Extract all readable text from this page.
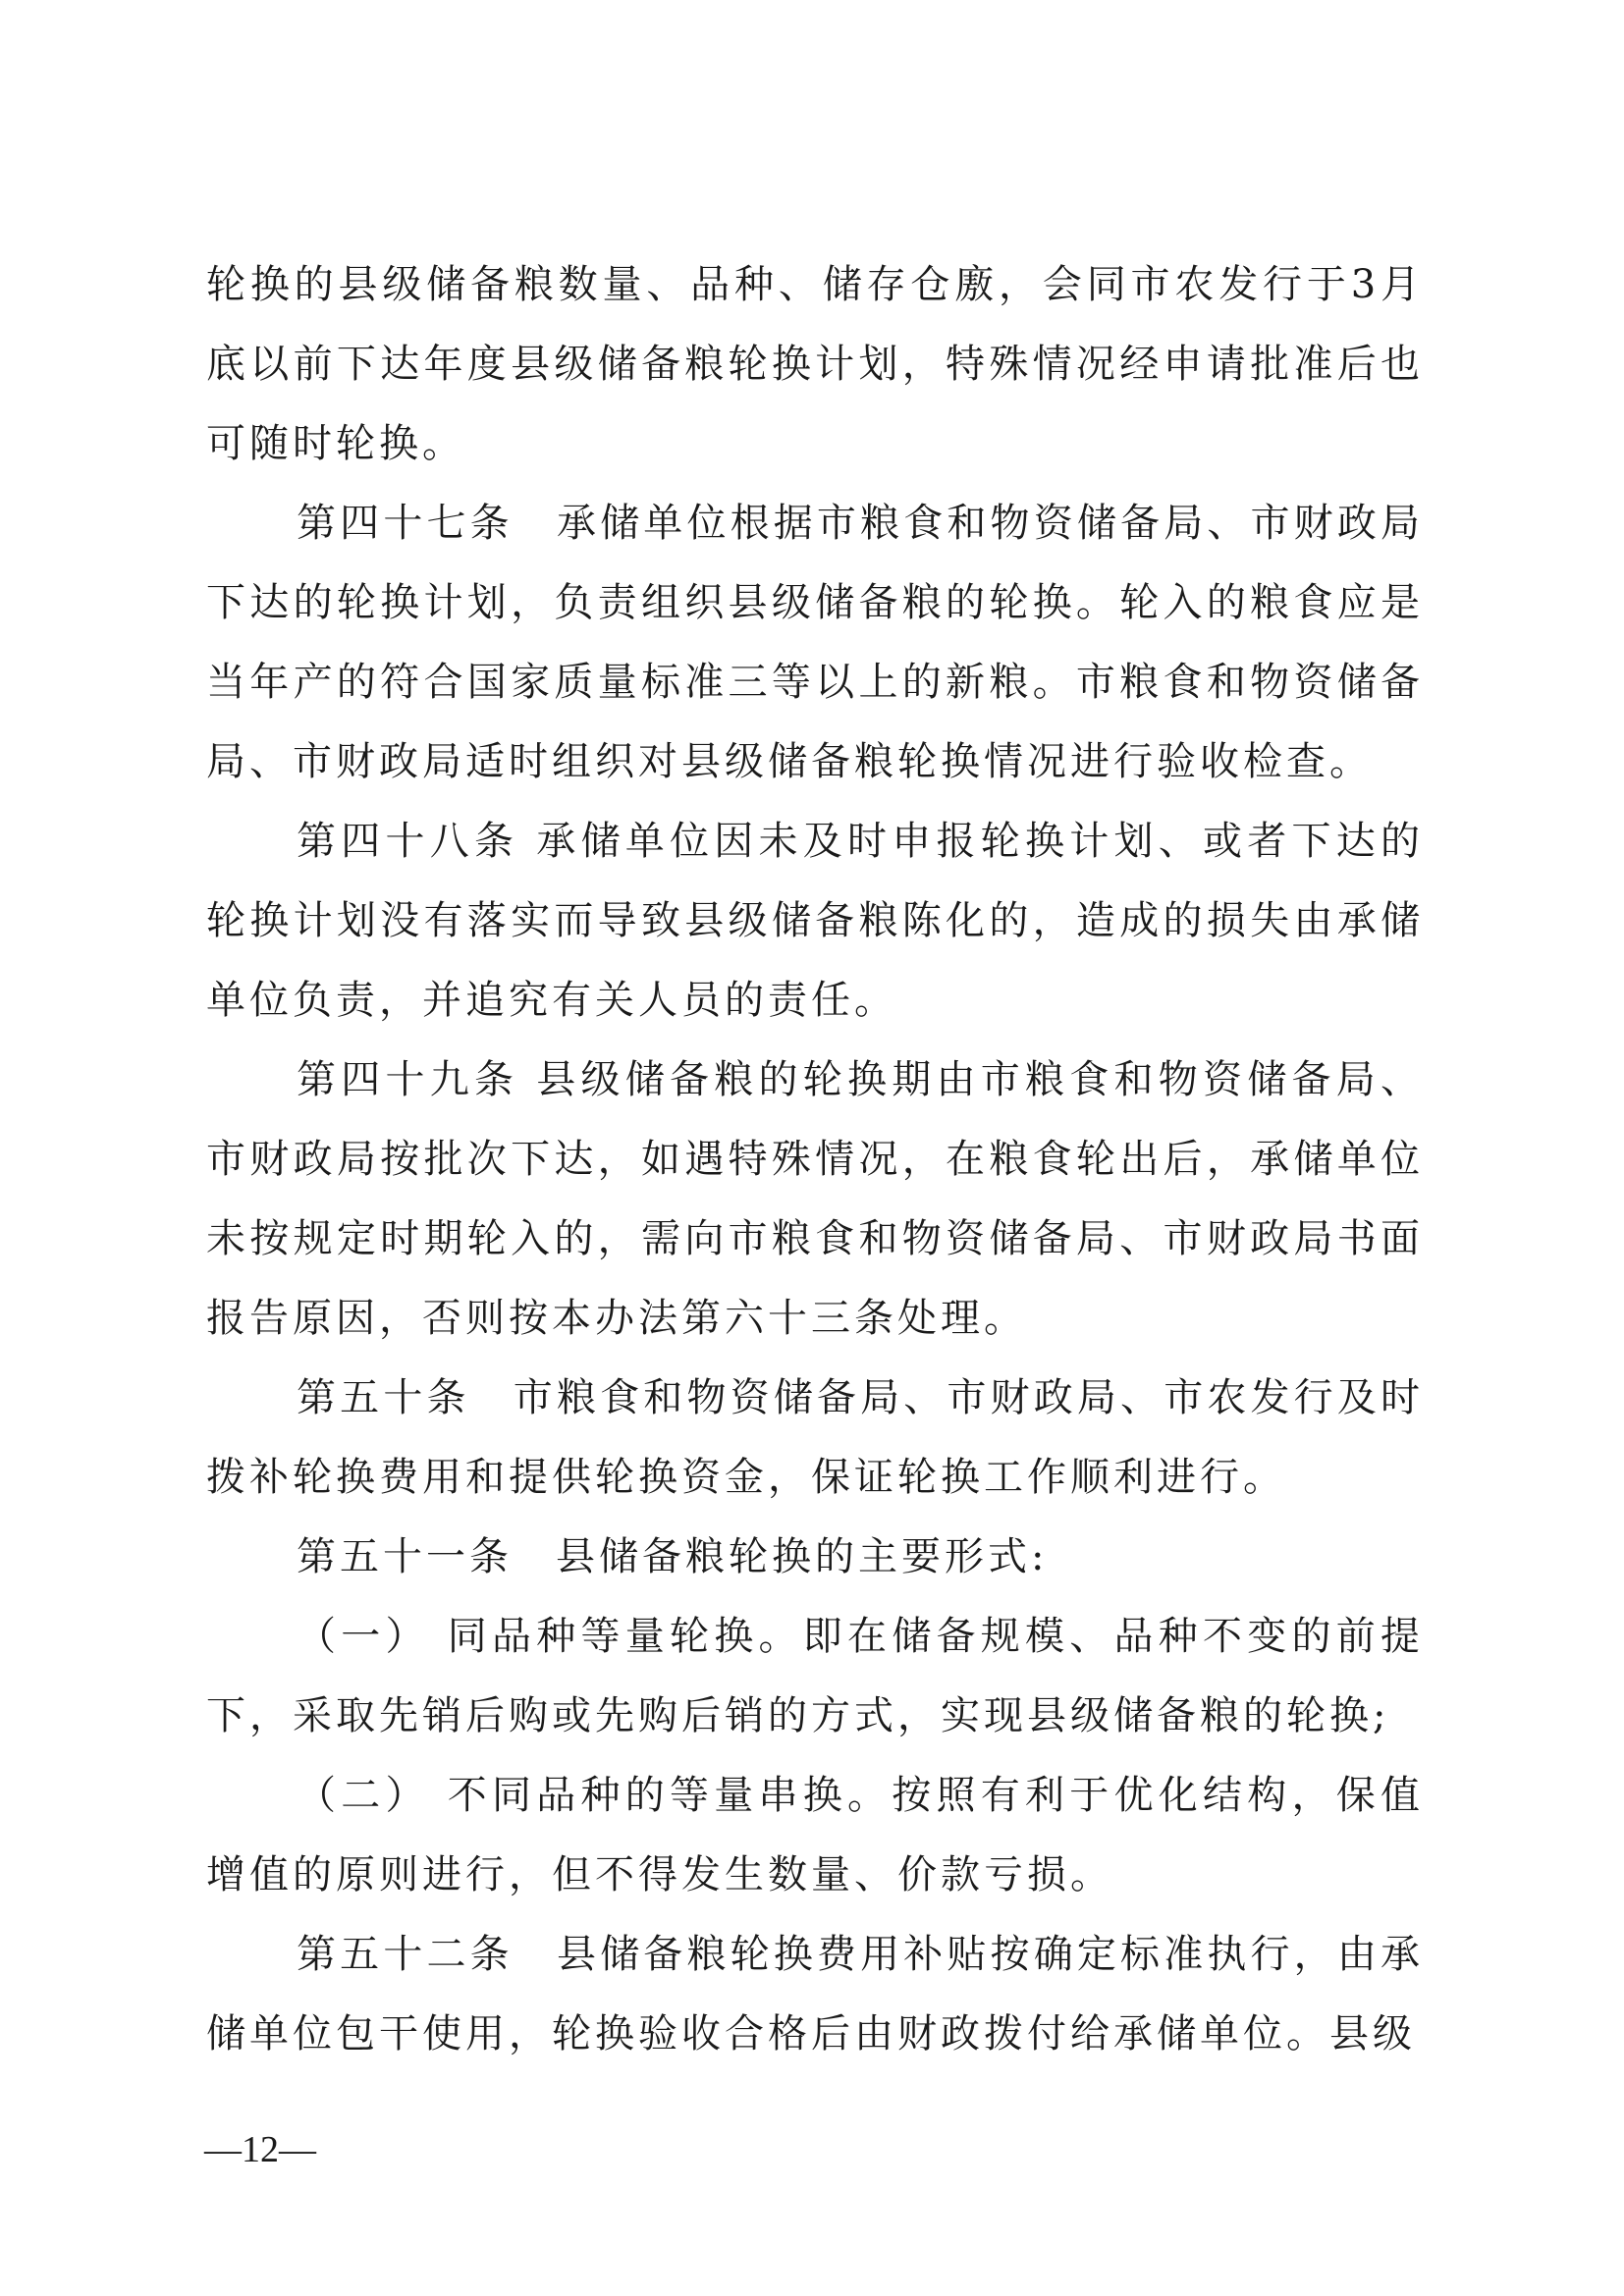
轮换的县级储备粮数量、品种、储存仓廒，会同市农发行于3月底以前下达年度县级储备粮轮换计划，特殊情况经申请批准后也可随时轮换。

第四十七条　承储单位根据市粮食和物资储备局、市财政局下达的轮换计划，负责组织县级储备粮的轮换。轮入的粮食应是当年产的符合国家质量标准三等以上的新粮。市粮食和物资储备局、市财政局适时组织对县级储备粮轮换情况进行验收检查。

第四十八条 承储单位因未及时申报轮换计划、或者下达的轮换计划没有落实而导致县级储备粮陈化的，造成的损失由承储单位负责，并追究有关人员的责任。

第四十九条 县级储备粮的轮换期由市粮食和物资储备局、市财政局按批次下达，如遇特殊情况，在粮食轮出后，承储单位未按规定时期轮入的，需向市粮食和物资储备局、市财政局书面报告原因，否则按本办法第六十三条处理。

第五十条　市粮食和物资储备局、市财政局、市农发行及时拨补轮换费用和提供轮换资金，保证轮换工作顺利进行。

第五十一条　县储备粮轮换的主要形式:

（一） 同品种等量轮换。即在储备规模、品种不变的前提下，采取先销后购或先购后销的方式，实现县级储备粮的轮换;

（二） 不同品种的等量串换。按照有利于优化结构，保值增值的原则进行，但不得发生数量、价款亏损。

第五十二条　县储备粮轮换费用补贴按确定标准执行，由承储单位包干使用，轮换验收合格后由财政拨付给承储单位。县级

—12—
